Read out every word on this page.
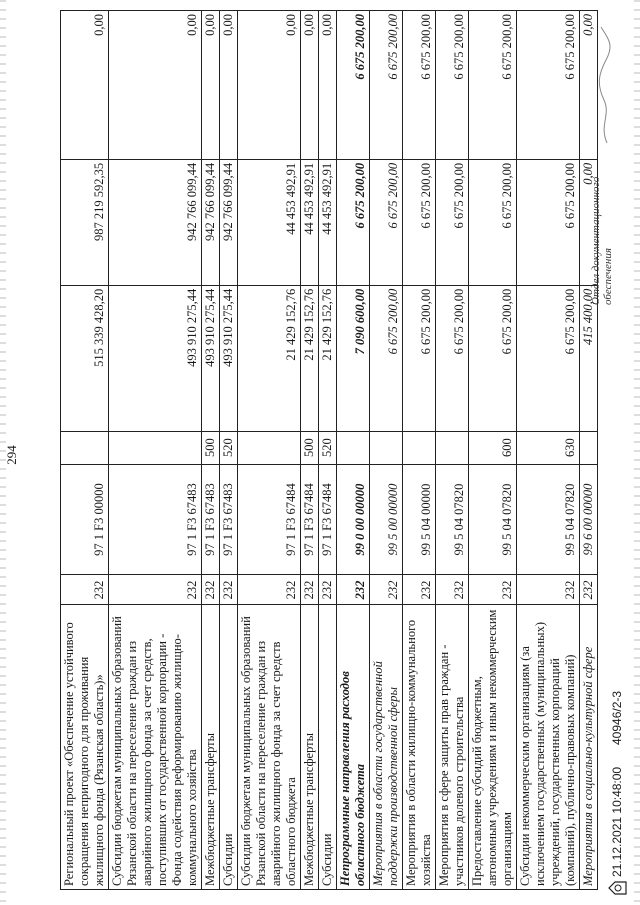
294
Региональный проект «Обеспечение устойчивого сокращения непригодного для проживания жилищного фонда (Рязанская область)»	232	97 1 F3 00000		515 339 428,20	987 219 592,35	0,00
Субсидии бюджетам муниципальных образований Рязанской области на переселение граждан из аварийного жилищного фонда за счет средств, поступивших от государственной корпорации - Фонда содействия реформированию жилищно-коммунального хозяйства	232	97 1 F3 67483		493 910 275,44	942 766 099,44	0,00
Межбюджетные трансферты	232	97 1 F3 67483	500	493 910 275,44	942 766 099,44	0,00
Субсидии	232	97 1 F3 67483	520	493 910 275,44	942 766 099,44	0,00
Субсидии бюджетам муниципальных образований Рязанской области на переселение граждан из аварийного жилищного фонда за счет средств областного бюджета	232	97 1 F3 67484		21 429 152,76	44 453 492,91	0,00
Межбюджетные трансферты	232	97 1 F3 67484	500	21 429 152,76	44 453 492,91	0,00
Субсидии	232	97 1 F3 67484	520	21 429 152,76	44 453 492,91	0,00
Непрограммные направления расходов областного бюджета	232	99 0 00 00000		7 090 600,00	6 675 200,00	6 675 200,00
Мероприятия в области государственной поддержки производственной сферы	232	99 5 00 00000		6 675 200,00	6 675 200,00	6 675 200,00
Мероприятия в области жилищно-коммунального хозяйства	232	99 5 04 00000		6 675 200,00	6 675 200,00	6 675 200,00
Мероприятия в сфере защиты прав граждан - участников долевого строительства	232	99 5 04 07820		6 675 200,00	6 675 200,00	6 675 200,00
Предоставление субсидий бюджетным, автономным учреждениям и иным некоммерческим организациям	232	99 5 04 07820	600	6 675 200,00	6 675 200,00	6 675 200,00
Субсидии некоммерческим организациям (за исключением государственных (муниципальных) учреждений, государственных корпораций (компаний), публично-правовых компаний)	232	99 5 04 07820	630	6 675 200,00	6 675 200,00	6 675 200,00
Мероприятия в социально-культурной сфере	232	99 6 00 00000		415 400,00	0,00	0,00
21.12.2021 10:48:00
40946/2-3
Отдел документационного обеспечения
